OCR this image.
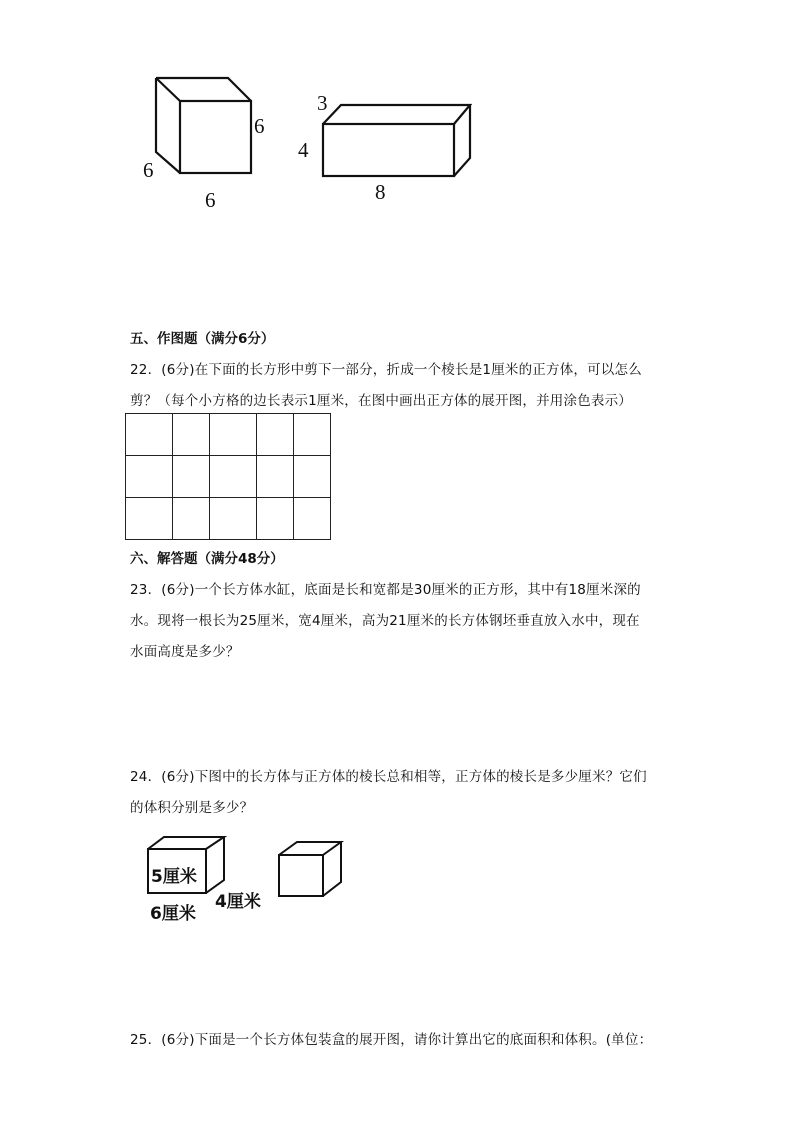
6
6
6
3
4
8
五、作图题（满分6分）
22．(6分)在下面的长方形中剪下一部分，折成一个棱长是1厘米的正方体，可以怎么
剪？（每个小方格的边长表示1厘米，在图中画出正方体的展开图，并用涂色表示）

六、解答题（满分48分）
23．(6分)一个长方体水缸，底面是长和宽都是30厘米的正方形，其中有18厘米深的
水。现将一根长为25厘米，宽4厘米，高为21厘米的长方体钢坯垂直放入水中，现在
水面高度是多少？
24．(6分)下图中的长方体与正方体的棱长总和相等，正方体的棱长是多少厘米？它们
的体积分别是多少？
5厘米
6厘米
4厘米
25．(6分)下面是一个长方体包装盒的展开图，请你计算出它的底面积和体积。(单位：
